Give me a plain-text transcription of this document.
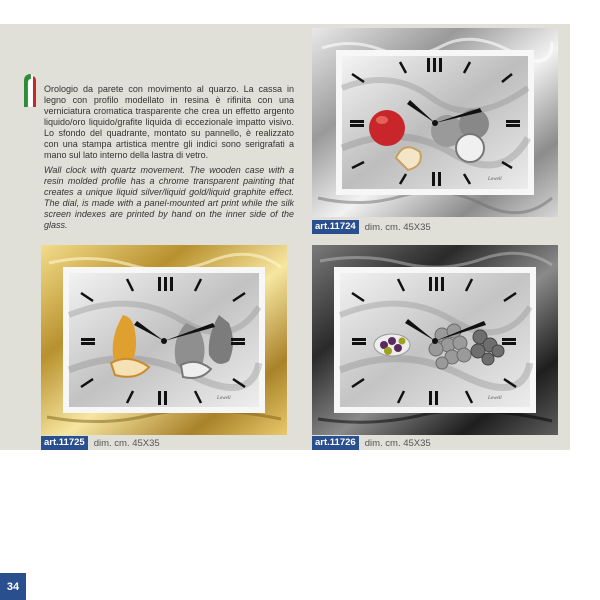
Orologio da parete con movimento al quarzo. La cassa in legno con profilo modellato in resina è rifinita con una verniciatura cromatica trasparente che crea un effetto argento liquido/oro liquido/grafite liquida di eccezionale impatto visivo. Lo sfondo del quadrante, montato su pannello, è realizzato con una stampa artistica mentre gli indici sono serigrafati a mano sul lato interno della lastra di vetro.
Wall clock with quartz movement. The wooden case with a resin molded profile has a chrome transparent painting that creates a unique liquid silver/liquid gold/liquid graphite effect. The dial, is made with a panel-mounted art print while the silk screen indexes are printed by hand on the inner side of the glass.
Lowell
art.11724 dim. cm. 45X35
Lowell
art.11725 dim. cm. 45X35
Lowell
art.11726 dim. cm. 45X35
34
